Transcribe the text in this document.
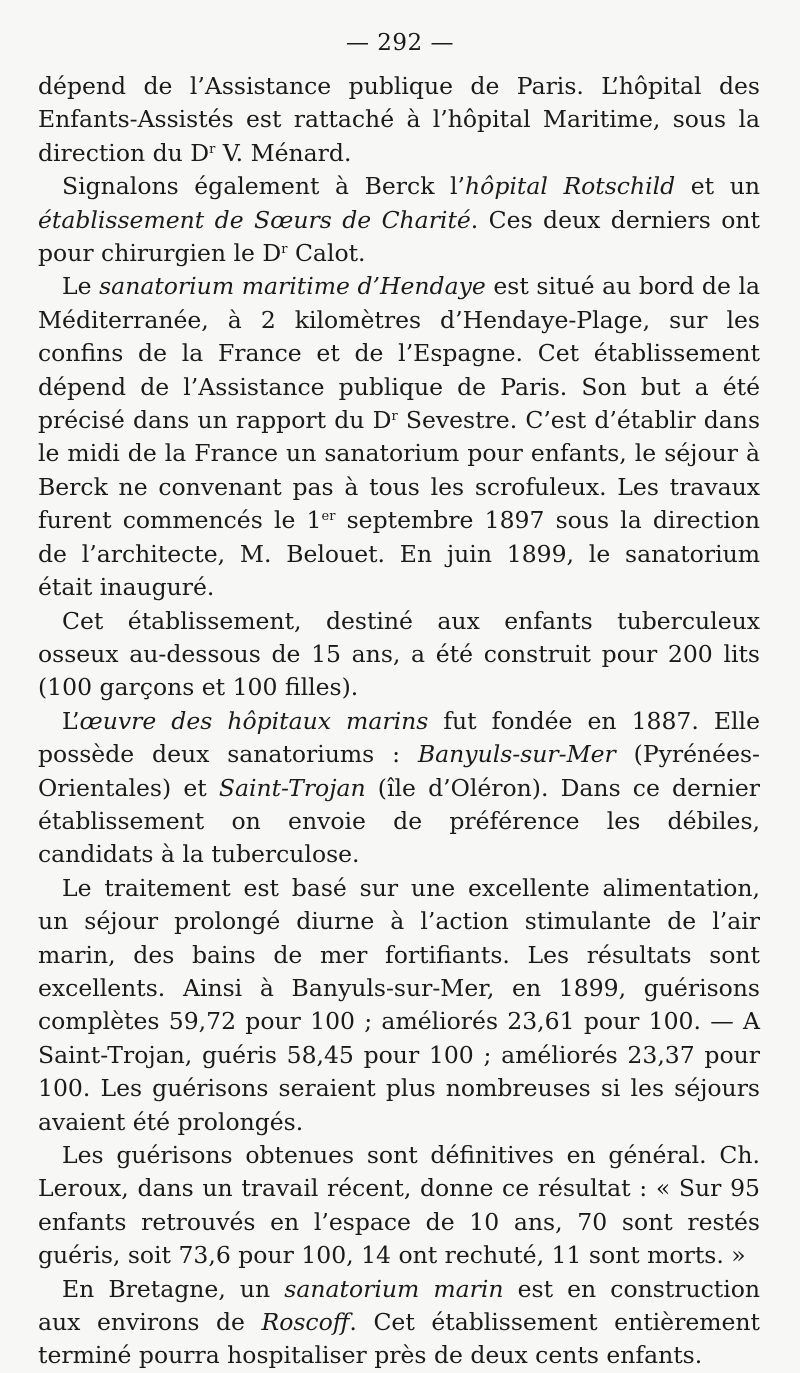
— 292 —

dépend de l’Assistance publique de Paris. L’hôpital des Enfants-Assistés est rattaché à l’hôpital Maritime, sous la direction du $D^r$ V. Ménard.

Signalons également à Berck l’hôpital Rotschild et un établissement de Sœurs de Charité. Ces deux derniers ont pour chirurgien le $D^r$ Calot.

Le sanatorium maritime d’Hendaye est situé au bord de la Méditerranée, à 2 kilomètres d’Hendaye-Plage, sur les confins de la France et de l’Espagne. Cet établissement dépend de l’Assistance publique de Paris. Son but a été précisé dans un rapport du $D^r$ Sevestre. C’est d’établir dans le midi de la France un sanatorium pour enfants, le séjour à Berck ne convenant pas à tous les scrofuleux. Les travaux furent commencés le 1er septembre 1897 sous la direction de l’architecte, M. Belouet. En juin 1899, le sanatorium était inauguré.

Cet établissement, destiné aux enfants tuberculeux osseux au-dessous de 15 ans, a été construit pour 200 lits (100 garçons et 100 filles).

L’œuvre des hôpitaux marins fut fondée en 1887. Elle possède deux sanatoriums : Banyuls-sur-Mer (Pyrénées-Orientales) et Saint-Trojan (île d’Oléron). Dans ce dernier établissement on envoie de préférence les débiles, candidats à la tuberculose.

Le traitement est basé sur une excellente alimentation, un séjour prolongé diurne à l’action stimulante de l’air marin, des bains de mer fortifiants. Les résultats sont excellents. Ainsi à Banyuls-sur-Mer, en 1899, guérisons complètes 59,72 pour 100 ; améliorés 23,61 pour 100. — A Saint-Trojan, guéris 58,45 pour 100 ; améliorés 23,37 pour 100. Les guérisons seraient plus nombreuses si les séjours avaient été prolongés.

Les guérisons obtenues sont définitives en général. Ch. Leroux, dans un travail récent, donne ce résultat : « Sur 95 enfants retrouvés en l’espace de 10 ans, 70 sont restés guéris, soit 73,6 pour 100, 14 ont rechuté, 11 sont morts. »

En Bretagne, un sanatorium marin est en construction aux environs de Roscoff. Cet établissement entièrement terminé pourra hospitaliser près de deux cents enfants.
